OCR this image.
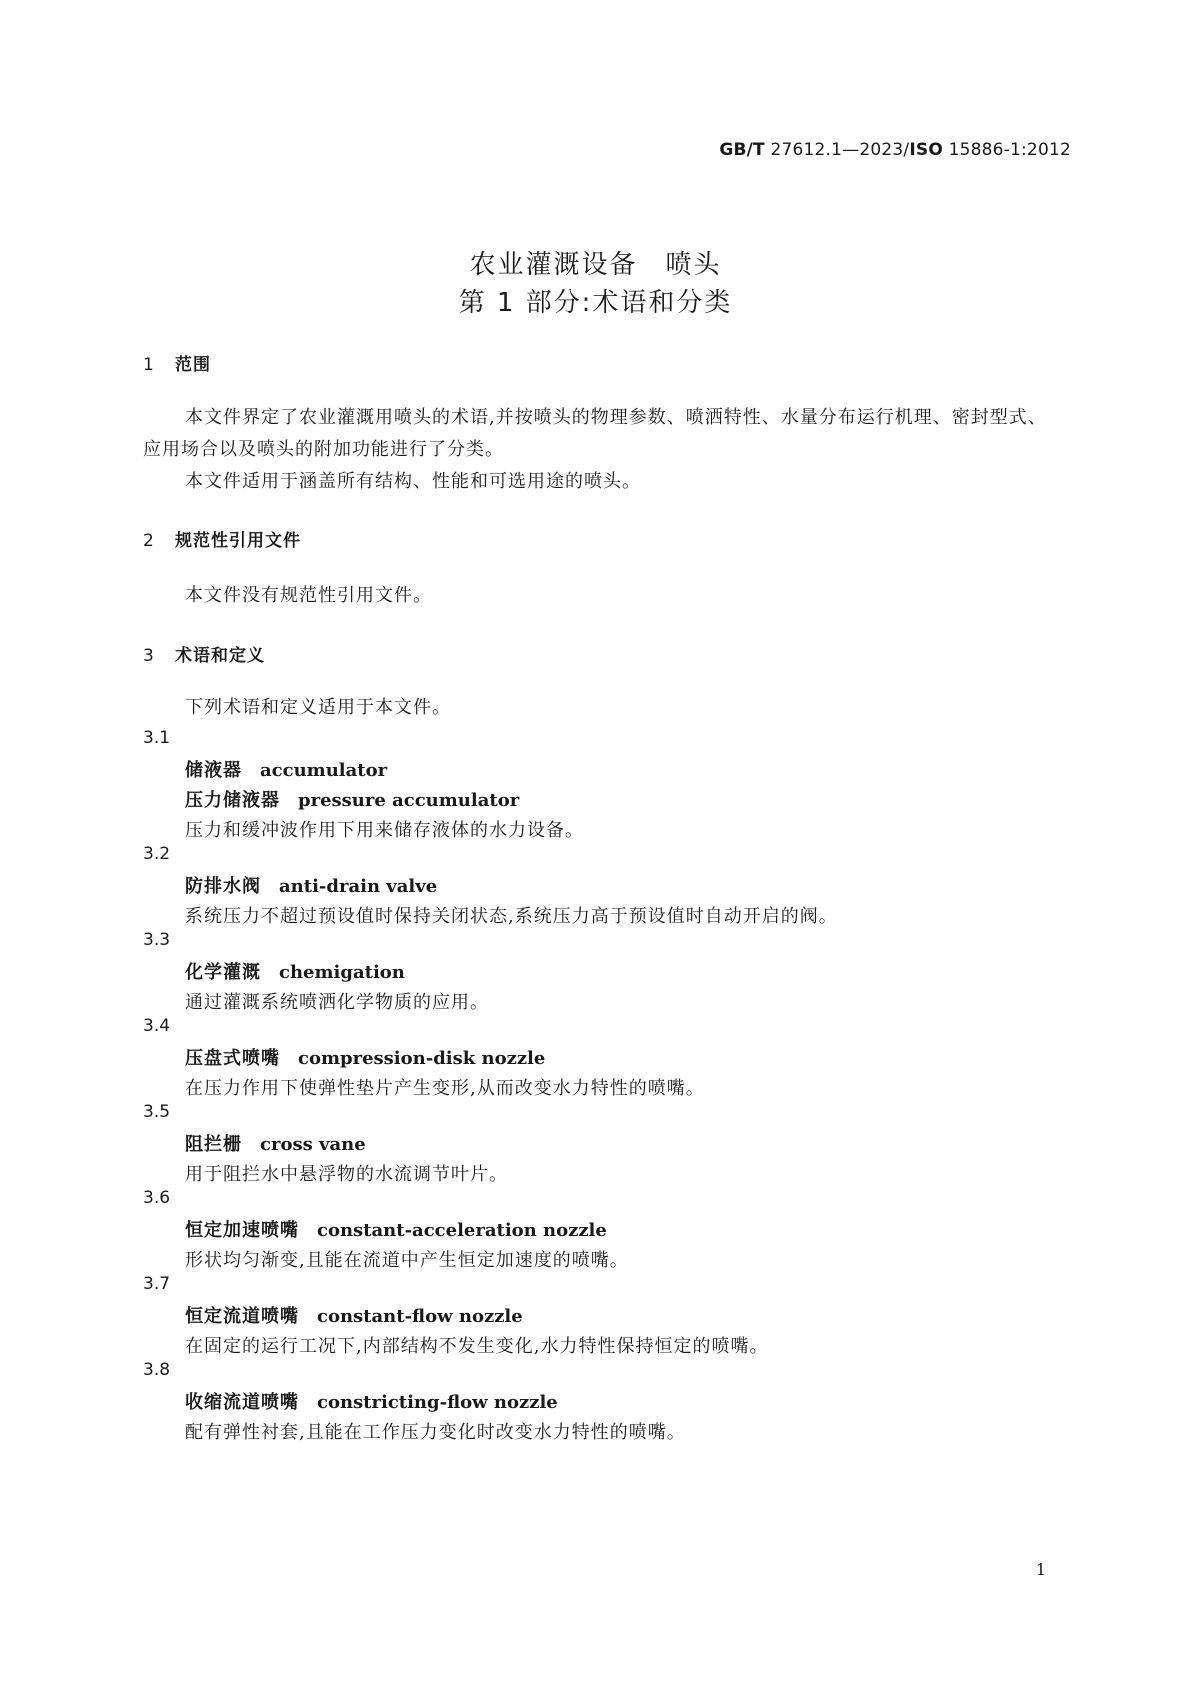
GB/T 27612.1—2023/ISO 15886-1:2012
农业灌溉设备　喷头
第 1 部分:术语和分类
1 范围

本文件界定了农业灌溉用喷头的术语,并按喷头的物理参数、喷洒特性、水量分布运行机理、密封型式、应用场合以及喷头的附加功能进行了分类。

本文件适用于涵盖所有结构、性能和可选用途的喷头。

2 规范性引用文件

本文件没有规范性引用文件。

3 术语和定义

下列术语和定义适用于本文件。

3.1
储液器 accumulator
压力储液器 pressure accumulator
压力和缓冲波作用下用来储存液体的水力设备。
3.2
防排水阀 anti-drain valve
系统压力不超过预设值时保持关闭状态,系统压力高于预设值时自动开启的阀。
3.3
化学灌溉 chemigation
通过灌溉系统喷洒化学物质的应用。
3.4
压盘式喷嘴 compression-disk nozzle
在压力作用下使弹性垫片产生变形,从而改变水力特性的喷嘴。
3.5
阻拦栅 cross vane
用于阻拦水中悬浮物的水流调节叶片。
3.6
恒定加速喷嘴 constant-acceleration nozzle
形状均匀渐变,且能在流道中产生恒定加速度的喷嘴。
3.7
恒定流道喷嘴 constant-flow nozzle
在固定的运行工况下,内部结构不发生变化,水力特性保持恒定的喷嘴。
3.8
收缩流道喷嘴 constricting-flow nozzle
配有弹性衬套,且能在工作压力变化时改变水力特性的喷嘴。
1
